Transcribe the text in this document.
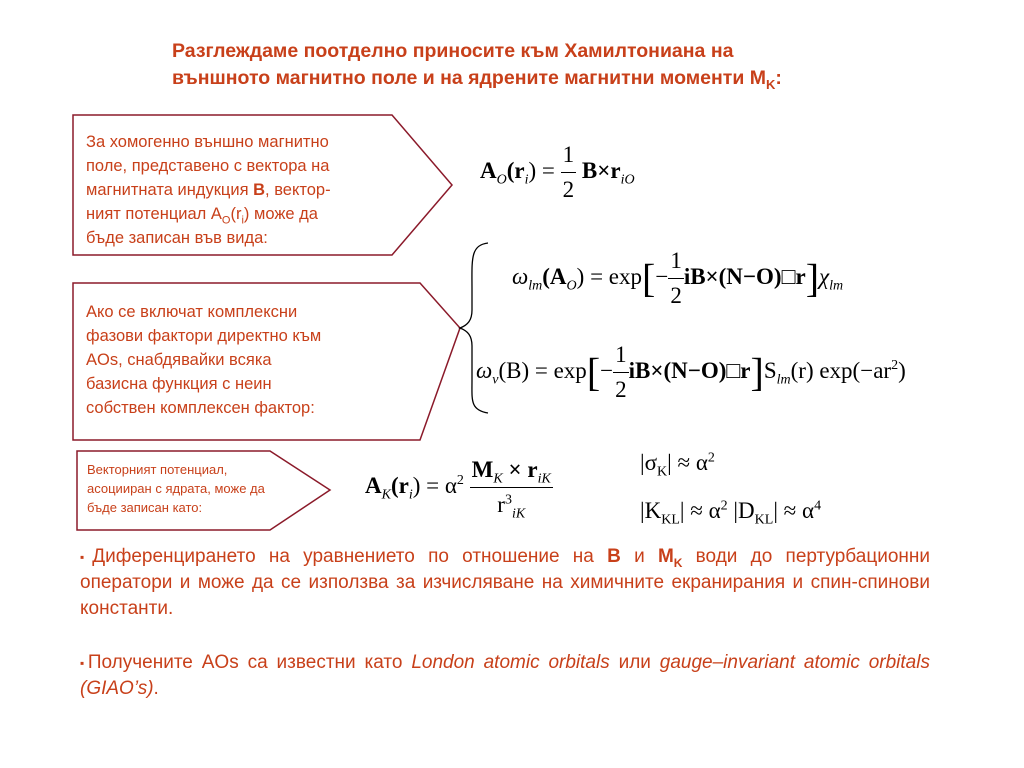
Разглеждаме поотделно приносите към Хамилтониана на
външното магнитно поле и на ядрените магнитни моменти $M_K$:
За хомогенно външно магнитно
поле, представено с вектора на
магнитната индукция B, вектор-
ният потенциал $A_O(r_i)$ може да
бъде записан във вида:
Ако се включат комплексни
фазови фактори директно към
AOs, снабдявайки всяка
базисна функция с неин
собствен комплексен фактор:
Векторният потенциал,
асоцииран с ядрата, може да
бъде записан като:
$A_O(r_i) = \frac{1}{2} B\times r_{iO}$
$\omega_{lm}(A_O) = \exp[- \frac{1}{2}$ $iB\times(N-O)□r]\chi_{lm}$
$\omega_\nu(B) = \exp[- \frac{1}{2}$ $iB\times(N-O)□r]S_{lm}(r)$ $\exp(-ar^2)$
$A_K(r_i) = \alpha^2 \frac{M_K \times r_{iK}}{r^3_{iK}}$	$|\sigma_K| \approx \alpha^2$
$|K_{KL}| \approx \alpha^2$ $|D_{KL}| \approx \alpha^4$

▪Диференцирането на уравнението по отношение на B и $M_K$ води до пертурбационни оператори и може да се използва за изчисляване на химичните екранирания и спин-спинови константи.

▪Получените AOs са известни като London atomic orbitals или gauge–invariant atomic orbitals (GIAO’s).
